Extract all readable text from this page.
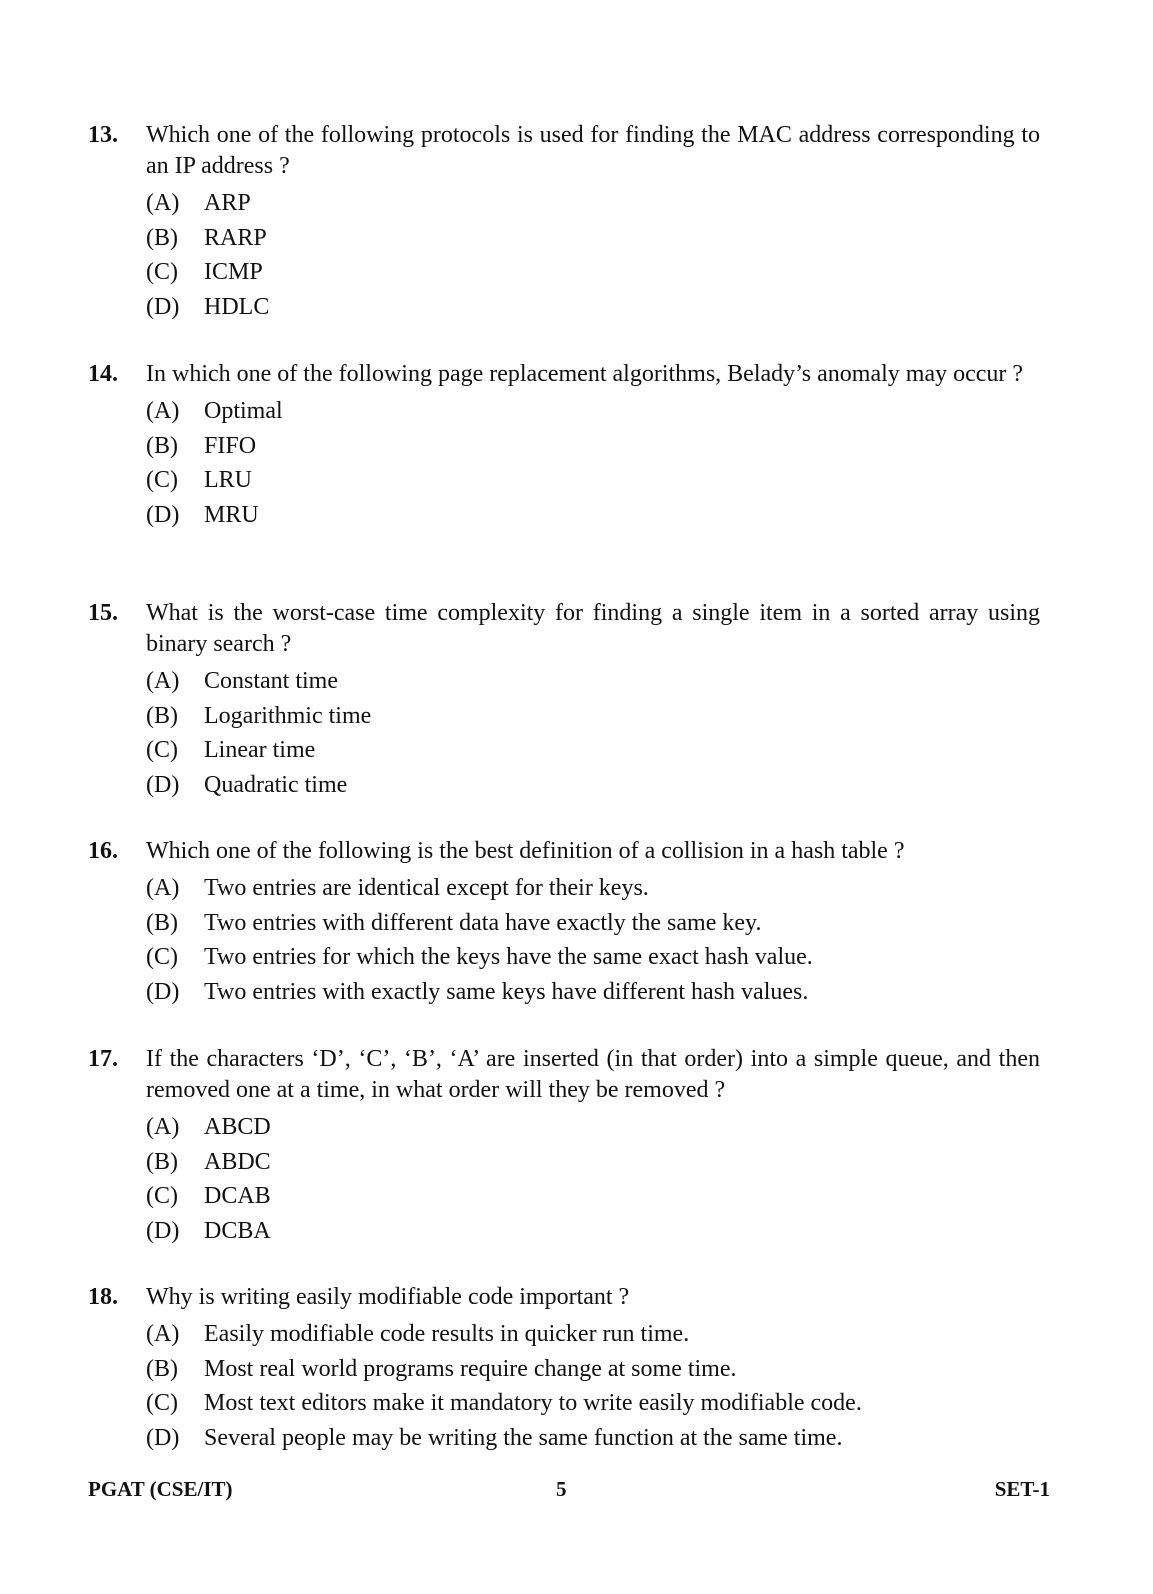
13. Which one of the following protocols is used for finding the MAC address corresponding to an IP address ?
(A) ARP
(B) RARP
(C) ICMP
(D) HDLC
14. In which one of the following page replacement algorithms, Belady’s anomaly may occur ?
(A) Optimal
(B) FIFO
(C) LRU
(D) MRU
15. What is the worst-case time complexity for finding a single item in a sorted array using binary search ?
(A) Constant time
(B) Logarithmic time
(C) Linear time
(D) Quadratic time
16. Which one of the following is the best definition of a collision in a hash table ?
(A) Two entries are identical except for their keys.
(B) Two entries with different data have exactly the same key.
(C) Two entries for which the keys have the same exact hash value.
(D) Two entries with exactly same keys have different hash values.
17. If the characters ‘D’, ‘C’, ‘B’, ‘A’ are inserted (in that order) into a simple queue, and then removed one at a time, in what order will they be removed ?
(A) ABCD
(B) ABDC
(C) DCAB
(D) DCBA
18. Why is writing easily modifiable code important ?
(A) Easily modifiable code results in quicker run time.
(B) Most real world programs require change at some time.
(C) Most text editors make it mandatory to write easily modifiable code.
(D) Several people may be writing the same function at the same time.
PGAT (CSE/IT)	5	SET-1
